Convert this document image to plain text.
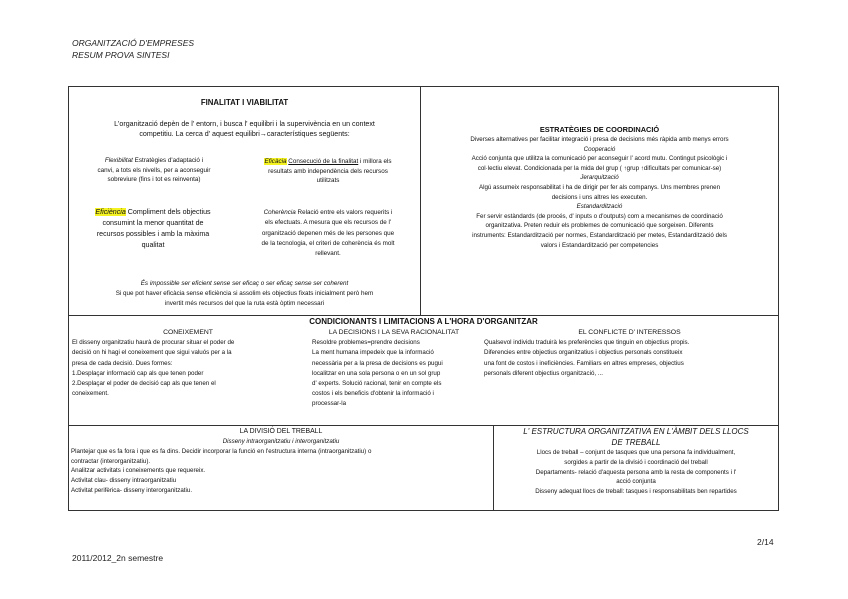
ORGANITZACIÓ D'EMPRESES
RESUM PROVA SINTESI
FINALITAT I VIABILITAT
L'organització depèn de l' entorn, i busca l' equilibri i la supervivència en un context
competitiu. La cerca d' aquest equilibri→característiques següents:
Flexibilitat Estratègies d'adaptació i
canvi, a tots els nivells, per a aconseguir
sobreviure (fins i tot es reinventa)
Eficàcia Consecució de la finalitat i millora els
resultats amb independència dels recursos
utilitzats
Eficiència Compliment dels objectius
consumint la menor quantitat de
recursos possibles i amb la màxima
qualitat
Coherència Relació entre els valors requerits i
els efectuats. A mesura que els recursos de l'
organització depenen més de les persones que
de la tecnologia, el criteri de coherència és molt
rellevant.
És impossible ser eficient sense ser eficaç o ser eficaç sense ser coherent
Si que pot haver eficàcia sense eficiència si assolim els objectius fixats inicialment però hem
invertit més recursos del que la ruta està òptim necessari
ESTRATÈGIES DE COORDINACIÓ
Diverses alternatives per facilitar integració i presa de decisions més ràpida amb menys errors
Cooperació
Acció conjunta que utilitza la comunicació per aconseguir l' acord mutu. Contingut psicològic i
col·lectiu elevat. Condicionada per la mida del grup ( ↑grup ↑dificultats per comunicar-se)
Jerarquització
Algú assumeix responsabilitat i ha de dirigir per fer als companys. Uns membres prenen
decisions i uns altres les executen.
Estandardització
Fer servir estàndards (de procés, d' inputs o d'outputs) com a mecanismes de coordinació
organitzativa. Preten reduir els problemes de comunicació que sorgeixen. Diferents
instruments: Estandardització per normes, Estandardització per metes, Estandardització dels
valors i Estandardització per competencies
CONDICIONANTS I LIMITACIONS A L'HORA D'ORGANITZAR
CONEIXEMENT
El disseny organitzatiu haurà de procurar situar el poder de
decisió on hi hagi el coneixement que sigui valuós per a la
presa de cada decisió. Dues formes:
1.Desplaçar informació cap als que tenen poder
2.Desplaçar el poder de decisió cap als que tenen el
coneixement.
LA DECISIONS I LA SEVA RACIONALITAT
Resoldre problemes=prendre decisions
La ment humana impedeix que la informació
necessària per a la presa de decisions es pugui
localitzar en una sola persona o en un sol grup
d' experts. Solució racional, tenir en compte els
costos i els beneficis d'obtenir la informació i
processar-la
EL CONFLICTE D' INTERESSOS
Qualsevol individu traduirà les preferències que tinguin en objectius propis.
Diferencies entre objectius organitzatius i objectius personals constitueix
una font de costos i ineficiències. Familiars en altres empreses, objectius
personals diferent objectius organització, ...
LA DIVISIÓ DEL TREBALL
Disseny intraorganitzatiu i interorganitzatiu
Plantejar que es fa fora i que es fa dins. Decidir incorporar la funció en l'estructura interna (intraorganitzatiu) o
contractar (interorganitzatiu).
Analitzar activitats i coneixements que requereix.
Activitat clau- disseny intraorganitzatiu
Activitat perifèrica- disseny interorganitzatiu.
L' ESTRUCTURA ORGANITZATIVA EN L'ÀMBIT DELS LLOCS
DE TREBALL
Llocs de treball – conjunt de tasques que una persona fa individualment,
sorgides a partir de la divisió i coordinació del treball
Departaments- relació d'aquesta persona amb la resta de components i l'
acció conjunta
Disseny adequat llocs de treball: tasques i responsabilitats ben repartides
2/14
2011/2012_2n semestre
